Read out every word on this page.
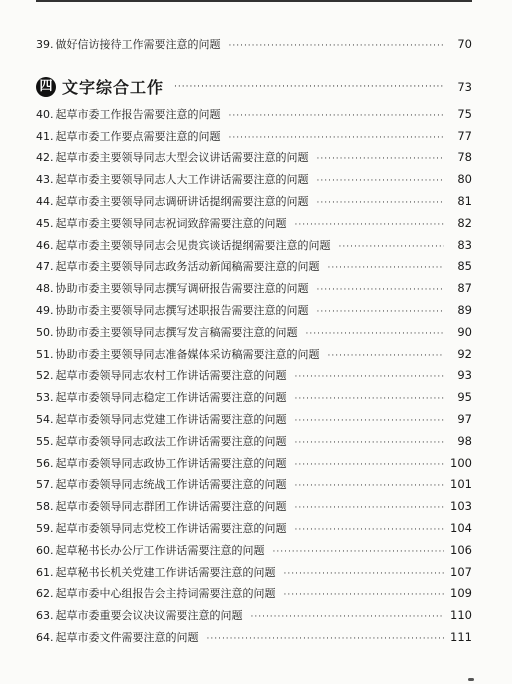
39. 做好信访接待工作需要注意的问题 ·····	70
四 文字综合工作 ·····	73
40. 起草市委工作报告需要注意的问题 ·····	75
41. 起草市委工作要点需要注意的问题 ·····	77
42. 起草市委主要领导同志大型会议讲话需要注意的问题 ·····	78
43. 起草市委主要领导同志人大工作讲话需要注意的问题 ·····	80
44. 起草市委主要领导同志调研讲话提纲需要注意的问题 ·····	81
45. 起草市委主要领导同志祝词致辞需要注意的问题 ·····	82
46. 起草市委主要领导同志会见贵宾谈话提纲需要注意的问题 ·····	83
47. 起草市委主要领导同志政务活动新闻稿需要注意的问题 ·····	85
48. 协助市委主要领导同志撰写调研报告需要注意的问题 ·····	87
49. 协助市委主要领导同志撰写述职报告需要注意的问题 ·····	89
50. 协助市委主要领导同志撰写发言稿需要注意的问题 ·····	90
51. 协助市委主要领导同志准备媒体采访稿需要注意的问题 ·····	92
52. 起草市委领导同志农村工作讲话需要注意的问题 ·····	93
53. 起草市委领导同志稳定工作讲话需要注意的问题 ·····	95
54. 起草市委领导同志党建工作讲话需要注意的问题 ·····	97
55. 起草市委领导同志政法工作讲话需要注意的问题 ·····	98
56. 起草市委领导同志政协工作讲话需要注意的问题 ·····	100
57. 起草市委领导同志统战工作讲话需要注意的问题 ·····	101
58. 起草市委领导同志群团工作讲话需要注意的问题 ·····	103
59. 起草市委领导同志党校工作讲话需要注意的问题 ·····	104
60. 起草秘书长办公厅工作讲话需要注意的问题 ·····	106
61. 起草秘书长机关党建工作讲话需要注意的问题 ·····	107
62. 起草市委中心组报告会主持词需要注意的问题 ·····	109
63. 起草市委重要会议决议需要注意的问题 ·····	110
64. 起草市委文件需要注意的问题 ·····	111
